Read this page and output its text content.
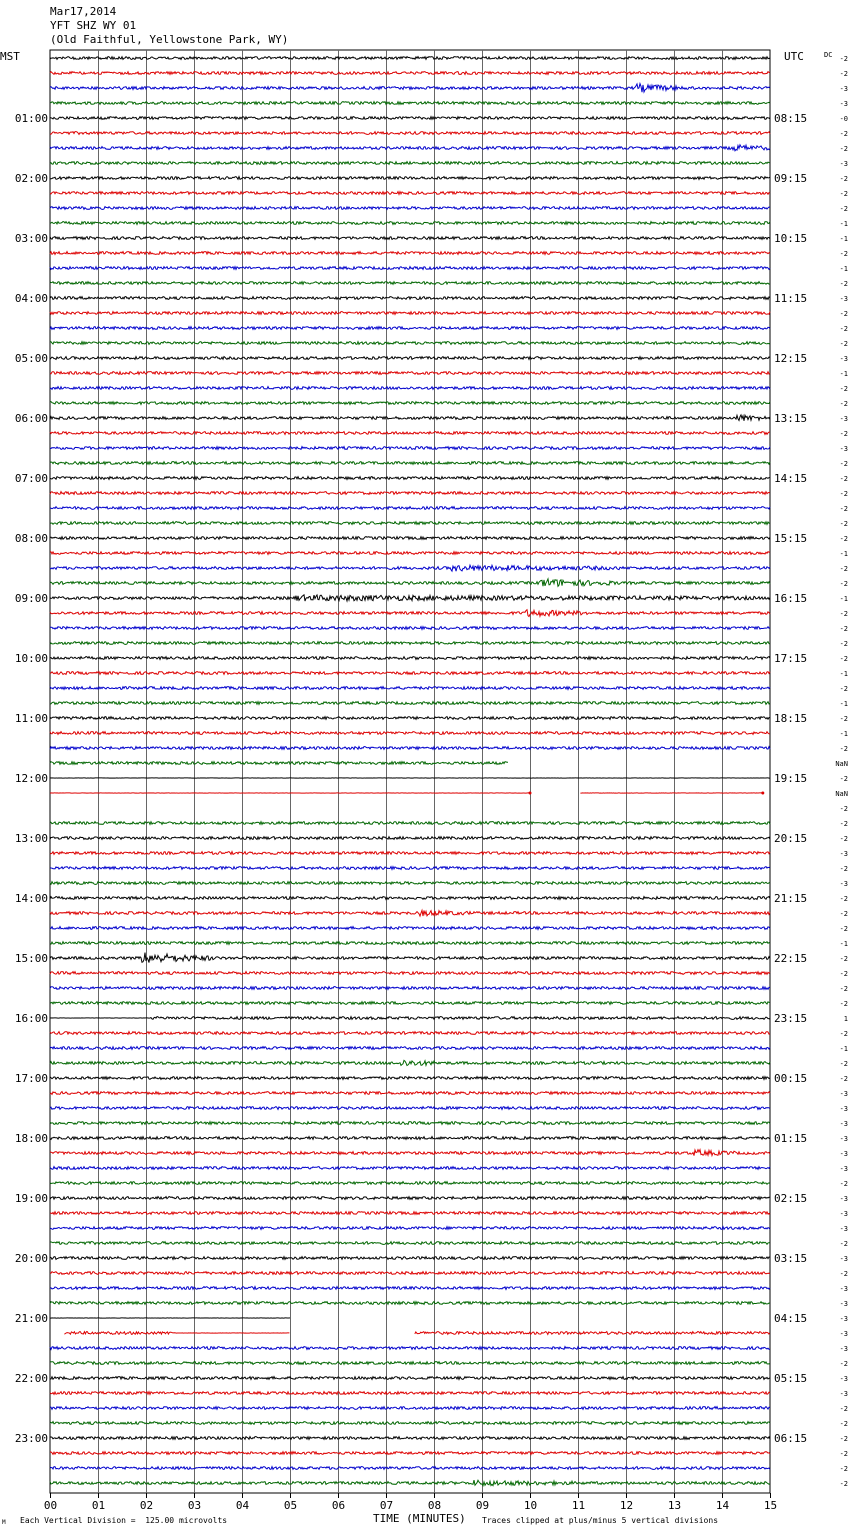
00	01	02	03	04	05	06	07	08	09	10	11	12	13	14	15
-2
-2
-3
-3
-0
-2
-2
-3
-2
-2
-2
-1
-1
-2
-1
-2
-3
-2
-2
-2
-3
-1
-2
-2
-3
-2
-3
-2
-2
-2
-2
-2
-2
-1
-2
-2
-1
-2
-2
-2
-2
-1
-2
-1
-2
-1
-2
NaN
-2
NaN
-2
-2
-2
-3
-2
-3
-2
-2
-2
-1
-2
-2
-2
-2
1
-2
-1
-2
-2
-3
-3
-3
-3
-3
-3
-2
-3
-3
-3
-2
-3
-2
-3
-3
-3
-3
-3
-2
-3
-3
-2
-2
-2
-2
-2
-2
01:00
02:00
03:00
04:00
05:00
06:00
07:00
08:00
09:00
10:00
11:00
12:00
13:00
14:00
15:00
16:00
17:00
18:00
19:00
20:00
21:00
22:00
23:00
08:15
09:15
10:15
11:15
12:15
13:15
14:15
15:15
16:15
17:15
18:15
19:15
20:15
21:15
22:15
23:15
00:15
01:15
02:15
03:15
04:15
05:15
06:15
Mar17,2014
YFT SHZ WY 01
(Old Faithful, Yellowstone Park, WY)
MST	UTC	DC
TIME (MINUTES)
M Each Vertical Division =  125.00 microvolts	Traces clipped at plus/minus 5 vertical divisions
